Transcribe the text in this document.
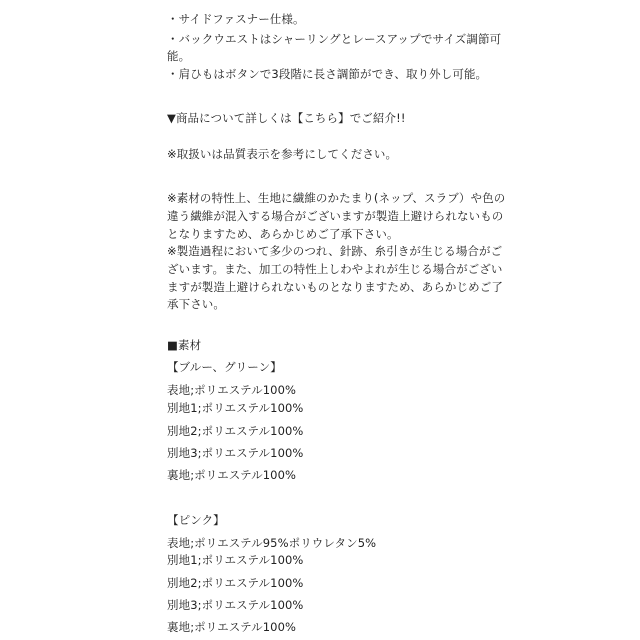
・サイドファスナー仕様。
・バックウエストはシャーリングとレースアップでサイズ調節可
能。
・肩ひもはボタンで3段階に長さ調節ができ、取り外し可能。
▼商品について詳しくは【こちら】でご紹介!!
※取扱いは品質表示を参考にしてください。
※素材の特性上、生地に繊維のかたまり(ネップ、スラブ）や色の
違う繊維が混入する場合がございますが製造上避けられないもの
となりますため、あらかじめご了承下さい。
※製造過程において多少のつれ、針跡、糸引きが生じる場合がご
ざいます。また、加工の特性上しわやよれが生じる場合がござい
ますが製造上避けられないものとなりますため、あらかじめご了
承下さい。
■素材
【ブルー、グリーン】
表地;ポリエステル100%
別地1;ポリエステル100%
別地2;ポリエステル100%
別地3;ポリエステル100%
裏地;ポリエステル100%
【ピンク】
表地;ポリエステル95%ポリウレタン5%
別地1;ポリエステル100%
別地2;ポリエステル100%
別地3;ポリエステル100%
裏地;ポリエステル100%
